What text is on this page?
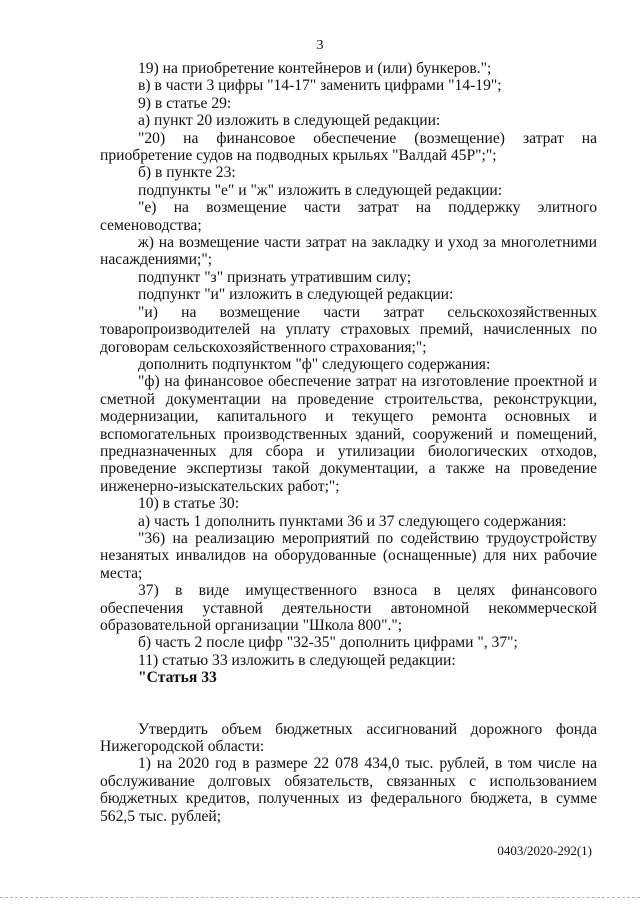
3

19) на приобретение контейнеров и (или) бункеров.";

в) в части 3 цифры "14-17" заменить цифрами "14-19";

9) в статье 29:

а) пункт 20 изложить в следующей редакции:

"20) на финансовое обеспечение (возмещение) затрат на приобретение судов на подводных крыльях "Валдай 45Р";";

б) в пункте 23:

подпункты "е" и "ж" изложить в следующей редакции:

"е) на возмещение части затрат на поддержку элитного семеноводства;

ж) на возмещение части затрат на закладку и уход за многолетними насаждениями;";

подпункт "з" признать утратившим силу;

подпункт "и" изложить в следующей редакции:

"и) на возмещение части затрат сельскохозяйственных товаропроизводителей на уплату страховых премий, начисленных по договорам сельскохозяйственного страхования;";

дополнить подпунктом "ф" следующего содержания:

"ф) на финансовое обеспечение затрат на изготовление проектной и сметной документации на проведение строительства, реконструкции, модернизации, капитального и текущего ремонта основных и вспомогательных производственных зданий, сооружений и помещений, предназначенных для сбора и утилизации биологических отходов, проведение экспертизы такой документации, а также на проведение инженерно-изыскательских работ;";

10) в статье 30:

а) часть 1 дополнить пунктами 36 и 37 следующего содержания:

"36) на реализацию мероприятий по содействию трудоустройству незанятых инвалидов на оборудованные (оснащенные) для них рабочие места;

37) в виде имущественного взноса в целях финансового обеспечения уставной деятельности автономной некоммерческой образовательной организации "Школа 800".";

б) часть 2 после цифр "32-35" дополнить цифрами ", 37";

11) статью 33 изложить в следующей редакции:

"Статья 33

Утвердить объем бюджетных ассигнований дорожного фонда Нижегородской области:

1) на 2020 год в размере 22 078 434,0 тыс. рублей, в том числе на обслуживание долговых обязательств, связанных с использованием бюджетных кредитов, полученных из федерального бюджета, в сумме 562,5 тыс. рублей;

0403/2020-292(1)
